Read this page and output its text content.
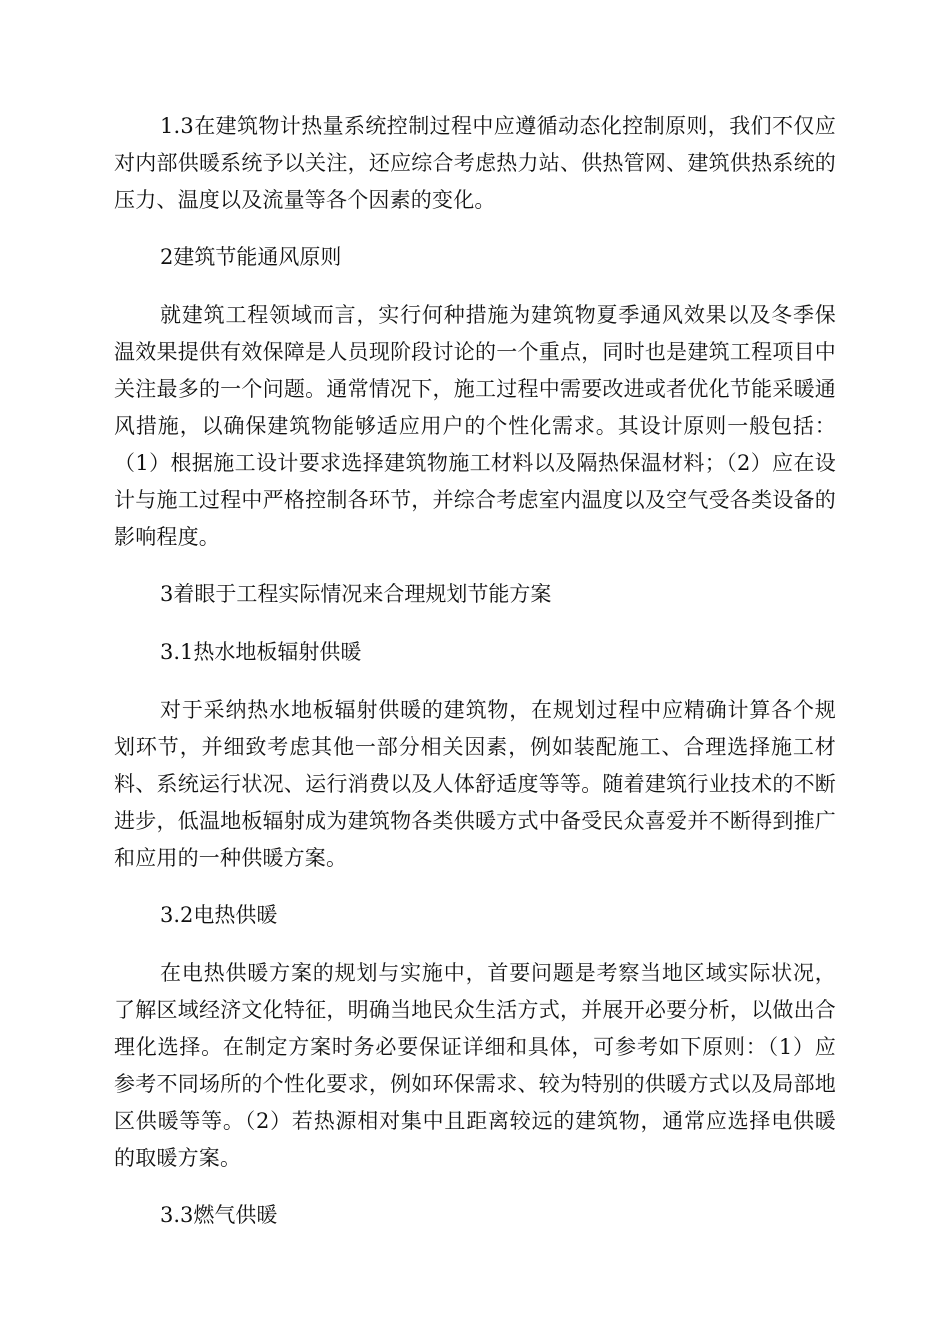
1.3在建筑物计热量系统控制过程中应遵循动态化控制原则，我们不仅应对内部供暖系统予以关注，还应综合考虑热力站、供热管网、建筑供热系统的压力、温度以及流量等各个因素的变化。

2建筑节能通风原则

就建筑工程领域而言，实行何种措施为建筑物夏季通风效果以及冬季保温效果提供有效保障是人员现阶段讨论的一个重点，同时也是建筑工程项目中关注最多的一个问题。通常情况下，施工过程中需要改进或者优化节能采暖通风措施，以确保建筑物能够适应用户的个性化需求。其设计原则一般包括：（1）根据施工设计要求选择建筑物施工材料以及隔热保温材料；（2）应在设计与施工过程中严格控制各环节，并综合考虑室内温度以及空气受各类设备的影响程度。

3着眼于工程实际情况来合理规划节能方案

3.1热水地板辐射供暖

对于采纳热水地板辐射供暖的建筑物，在规划过程中应精确计算各个规划环节，并细致考虑其他一部分相关因素，例如装配施工、合理选择施工材料、系统运行状况、运行消费以及人体舒适度等等。随着建筑行业技术的不断进步，低温地板辐射成为建筑物各类供暖方式中备受民众喜爱并不断得到推广和应用的一种供暖方案。

3.2电热供暖

在电热供暖方案的规划与实施中，首要问题是考察当地区域实际状况，了解区域经济文化特征，明确当地民众生活方式，并展开必要分析，以做出合理化选择。在制定方案时务必要保证详细和具体，可参考如下原则：（1）应参考不同场所的个性化要求，例如环保需求、较为特别的供暖方式以及局部地区供暖等等。（2）若热源相对集中且距离较远的建筑物，通常应选择电供暖的取暖方案。

3.3燃气供暖
